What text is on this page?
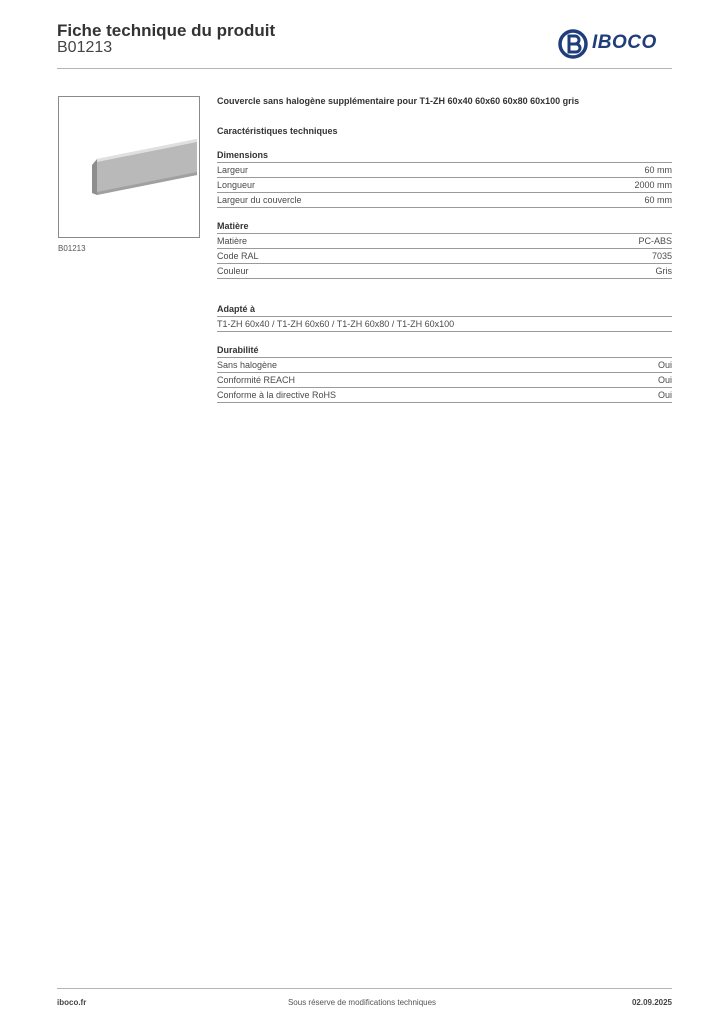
Fiche technique du produit
B01213	IBOCO
B01213
Couvercle sans halogène supplémentaire pour T1-ZH 60x40 60x60 60x80 60x100 gris
Caractéristiques techniques
Dimensions
Largeur	60 mm
Longueur	2000 mm
Largeur du couvercle	60 mm
Matière
Matière	PC-ABS
Code RAL	7035
Couleur	Gris
Adapté à
T1-ZH 60x40 / T1-ZH 60x60 / T1-ZH 60x80 / T1-ZH 60x100
Durabilité
Sans halogène	Oui
Conformité REACH	Oui
Conforme à la directive RoHS	Oui
iboco.fr	Sous réserve de modifications techniques	02.09.2025
